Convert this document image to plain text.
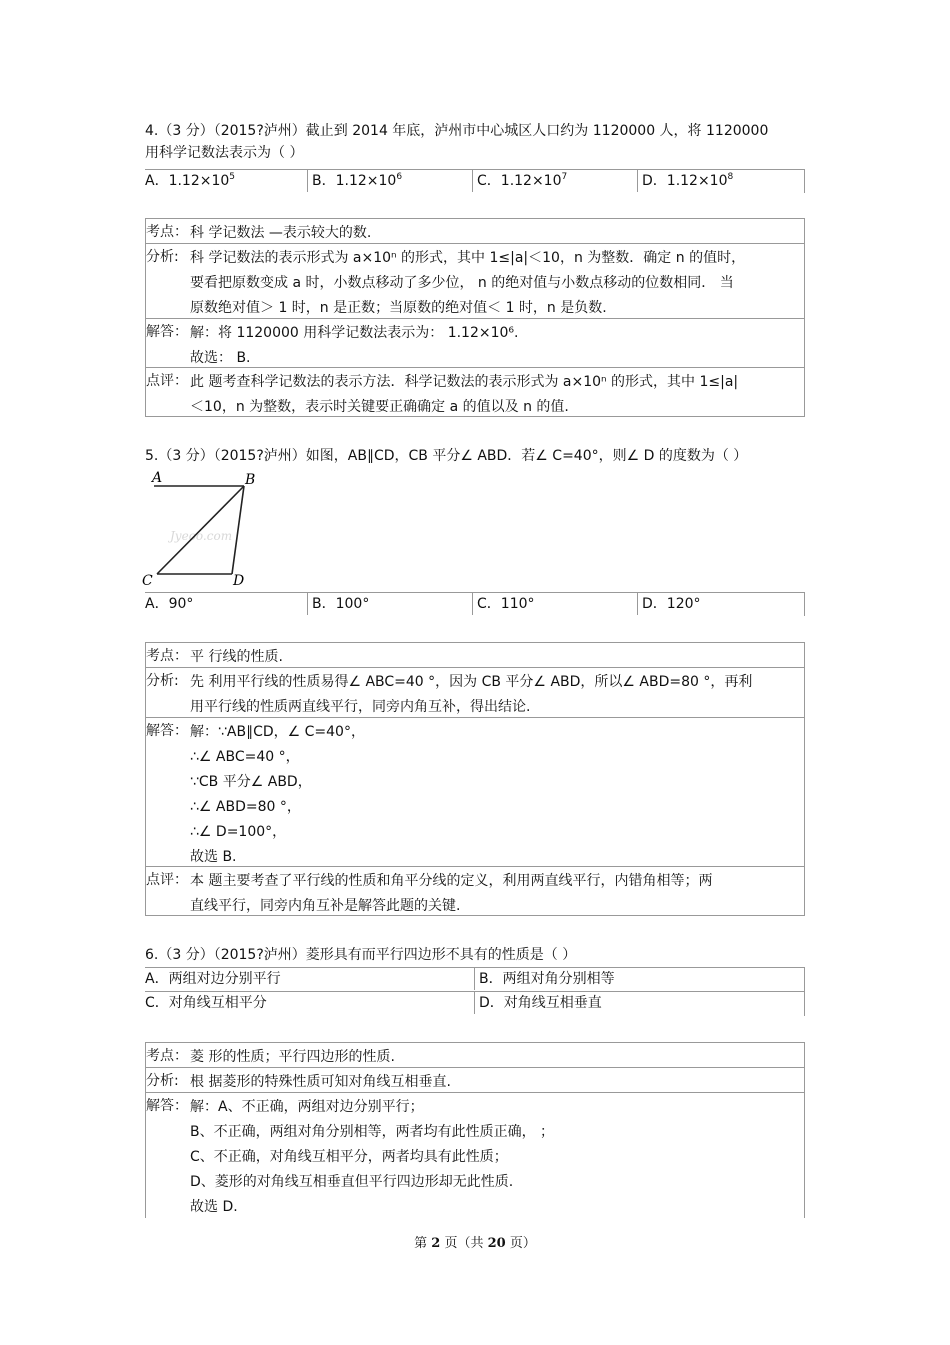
4.（3 分）（2015?泸州）截止到 2014 年底，泸州市中心城区人口约为 1120000 人，将 1120000
用科学记数法表示为（ ）
A．$1.12\times 10^5$	B．$1.12\times 10^6$	C．$1.12\times 10^7$	D．$1.12\times 10^8$
考点： 科 学记数法 —表示较大的数.
分析: 科 学记数法的表示形式为 a×10ⁿ 的形式，其中 1≤|a|＜10，n 为整数．确定 n 的值时，
要看把原数变成 a 时，小数点移动了多少位， n 的绝对值与小数点移动的位数相同． 当
原数绝对值＞ 1 时，n 是正数；当原数的绝对值＜ 1 时，n 是负数.
解答： 解：将 1120000 用科学记数法表示为： 1.12×10⁶.
故选： B.
点评： 此 题考查科学记数法的表示方法．科学记数法的表示形式为 a×10ⁿ 的形式，其中 1≤|a|
＜10，n 为整数，表示时关键要正确确定 a 的值以及 n 的值.
5.（3 分）（2015?泸州）如图，AB∥CD，CB 平分∠ ABD．若∠ C=40°，则∠ D 的度数为（ ）
Jyeoo.com
A	B
C	D
A．90°	B．100°	C．110°	D．120°
考点： 平 行线的性质.
分析: 先 利用平行线的性质易得∠ ABC=40 °，因为 CB 平分∠ ABD，所以∠ ABD=80 °，再利
用平行线的性质两直线平行，同旁内角互补，得出结论.
解答： 解：∵AB∥CD，∠ C=40°，
∴∠ ABC=40 °，
∵CB 平分∠ ABD，
∴∠ ABD=80 °，
∴∠ D=100°，
故选 B.
点评： 本 题主要考查了平行线的性质和角平分线的定义，利用两直线平行，内错角相等；两
直线平行，同旁内角互补是解答此题的关键.
6.（3 分）（2015?泸州）菱形具有而平行四边形不具有的性质是（ ）
A．两组对边分别平行	B．两组对角分别相等
C．对角线互相平分	D．对角线互相垂直
考点： 菱 形的性质；平行四边形的性质.
分析: 根 据菱形的特殊性质可知对角线互相垂直.
解答： 解：A、不正确，两组对边分别平行；
B、不正确，两组对角分别相等，两者均有此性质正确， ；
C、不正确，对角线互相平分，两者均具有此性质；
D、菱形的对角线互相垂直但平行四边形却无此性质.
故选 D.
第 2 页（共 20 页）
